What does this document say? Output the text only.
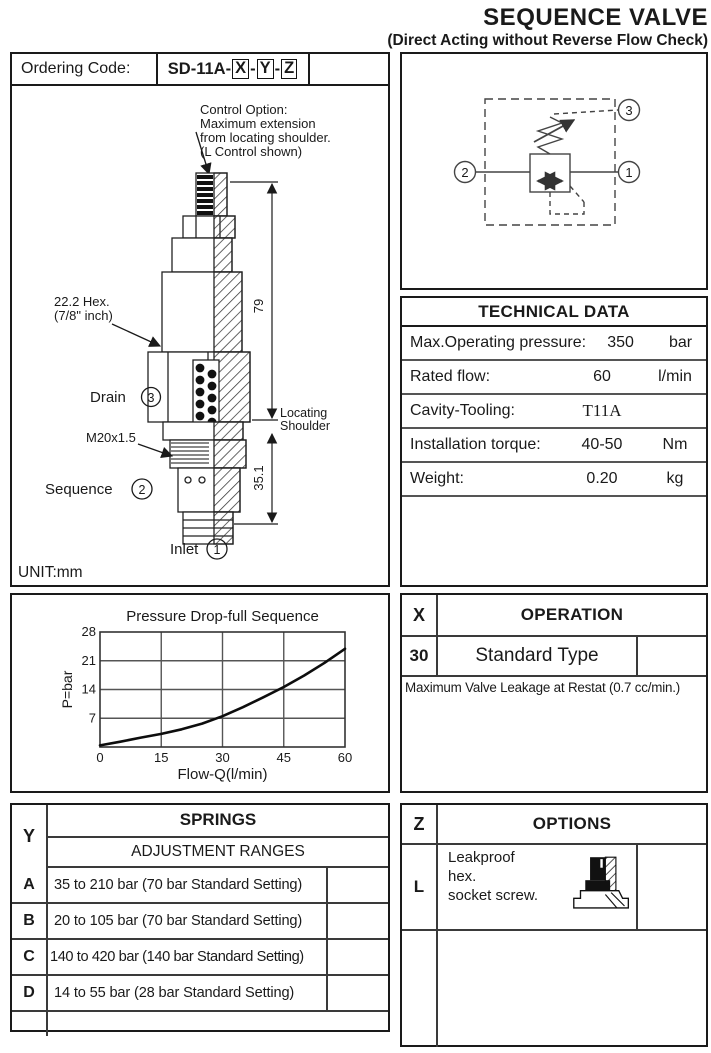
SEQUENCE VALVE
(Direct Acting without Reverse Flow Check)
Ordering Code:	SD-11A- X - Y - Z
Control Option:
Maximum extension
from locating shoulder.
(L Control shown)
79
Locating
Shoulder
35.1
22.2 Hex.
(7/8" inch)
Drain 3
M20x1.5
Sequence 2
Inlet 1
UNIT:mm
3
2	1
TECHNICAL DATA
Max.Operating pressure:	350	bar
Rated flow:	60	l/min
Cavity-Tooling:	T11A
Installation torque:	40-50	Nm
Weight:	0.20	kg
Pressure Drop-full Sequence
0	15	30	45	60
7
14
21
28
Flow-Q(l/min)
P=bar
X	OPERATION
30	Standard Type
Maximum Valve Leakage at Restat (0.7 cc/min.)
Y
SPRINGS
ADJUSTMENT RANGES
A	35 to 210 bar (70 bar Standard Setting)
B	20 to 105 bar (70 bar Standard Setting)
C	140 to 420 bar (140 bar Standard Setting)
D	14 to 55 bar (28 bar Standard Setting)
Z	OPTIONS
L
Leakproof hex.
socket screw.
